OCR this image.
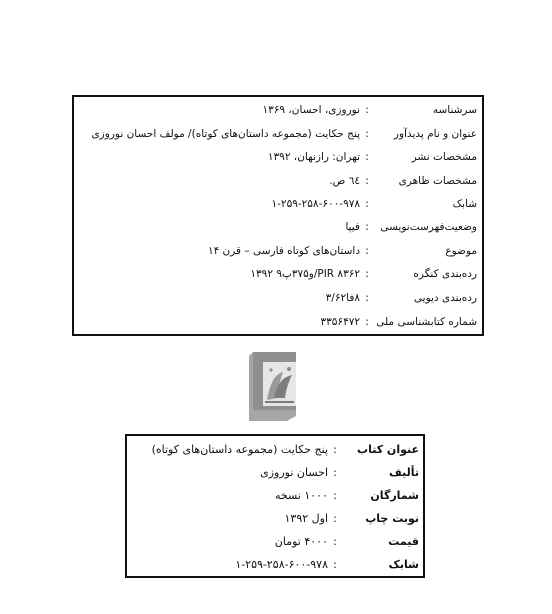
سرشناسه
:
نوروزی، احسان، ۱۳۶۹
عنوان و نام پدیدآور
:
پنج حکایت (مجموعه داستان‌های کوتاه)/ مولف احسان نوروزی
مشخصات نشر
:
تهران: رازنهان، ۱۳۹۲
مشخصات ظاهری
:
٦٤ ص.
شابک
:
۱-۲۵۹-۲۵۸-۶۰۰-۹۷۸
وضعیت‌فهرست‌نویسی
:
فیپا
موضوع
:
داستان‌های کوتاه فارسی – قرن ۱۴
رده‌بندی کنگره
:
PIR ۸۳۶۲/و۳۷۵پ۹ ۱۳۹۲
رده‌بندی دیویی
:
۸فا۳/۶۲
شماره کتابشناسی ملی
:
۳۳۵۶۴۷۲
عنوان کتاب
:
پنج حکایت (مجموعه داستان‌های کوتاه)
تألیف
:
احسان نوروزی
شمارگان
:
۱۰۰۰ نسخه
نوبت چاپ
:
اول ۱۳۹۲
قیمت
:
۴۰۰۰ تومان
شابک
:
۱-۲۵۹-۲۵۸-۶۰۰-۹۷۸
